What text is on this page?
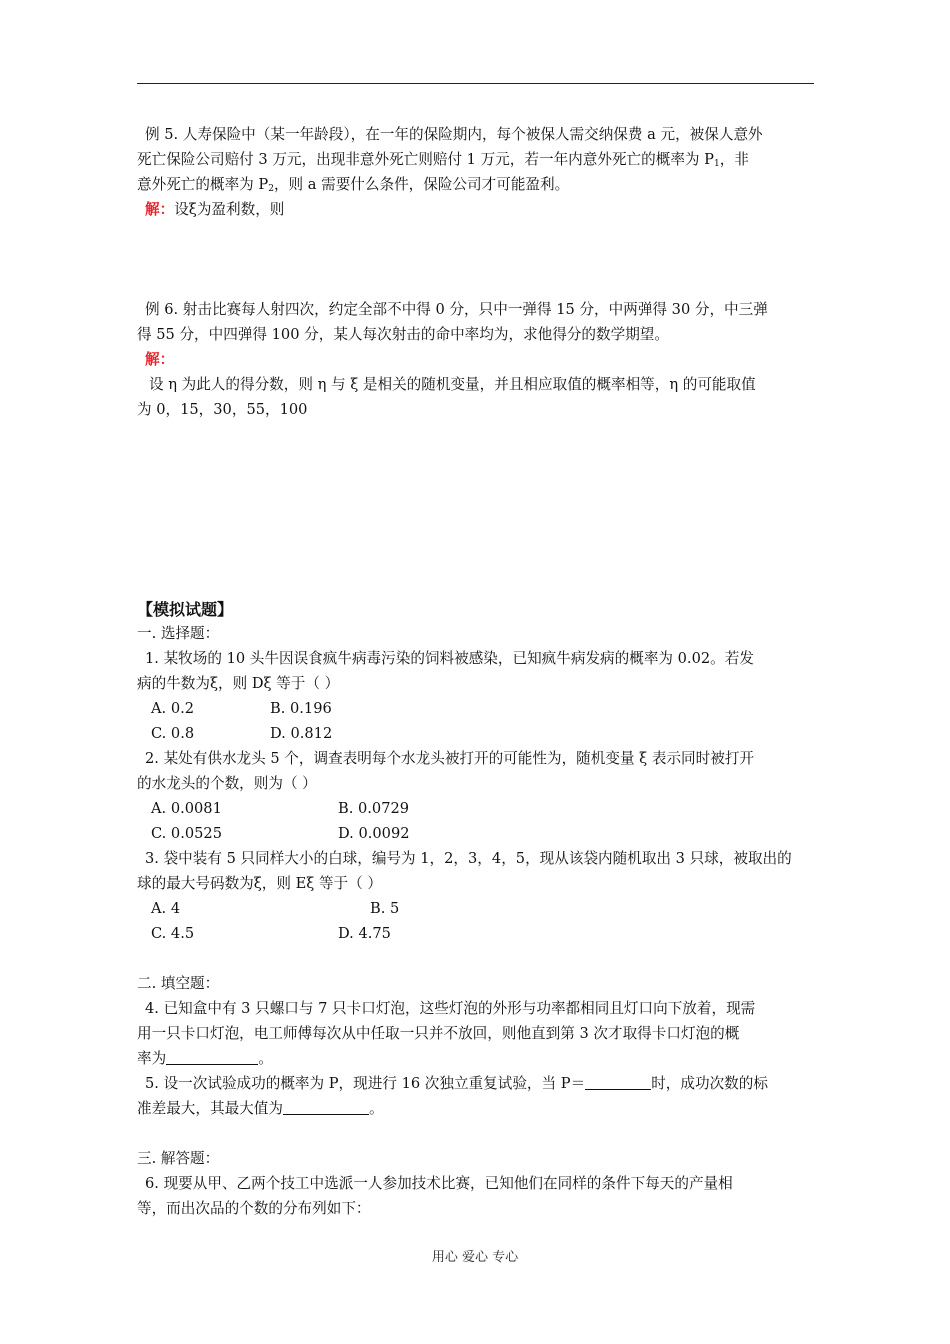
例 5. 人寿保险中（某一年龄段），在一年的保险期内，每个被保人需交纳保费 a 元，被保人意外
死亡保险公司赔付 3 万元，出现非意外死亡则赔付 1 万元，若一年内意外死亡的概率为 $P_1$，非
意外死亡的概率为 $P_2$，则 a 需要什么条件，保险公司才可能盈利。
解：设ξ为盈利数，则
例 6. 射击比赛每人射四次，约定全部不中得 0 分，只中一弹得 15 分，中两弹得 30 分，中三弹
得 55 分，中四弹得 100 分，某人每次射击的命中率均为，求他得分的数学期望。
解：
设 η 为此人的得分数，则 η 与 ξ 是相关的随机变量，并且相应取值的概率相等，η 的可能取值
为 0，15，30，55，100
【模拟试题】
一. 选择题：
1. 某牧场的 10 头牛因误食疯牛病毒污染的饲料被感染，已知疯牛病发病的概率为 0.02。若发
病的牛数为ξ，则 Dξ 等于（ ）
A. 0.2	B. 0.196
C. 0.8	D. 0.812
2. 某处有供水龙头 5 个，调查表明每个水龙头被打开的可能性为，随机变量 ξ 表示同时被打开
的水龙头的个数，则为（ ）
A. 0.0081	B. 0.0729
C. 0.0525	D. 0.0092
3. 袋中装有 5 只同样大小的白球，编号为 1，2，3，4，5，现从该袋内随机取出 3 只球，被取出的
球的最大号码数为ξ，则 Eξ 等于（ ）
A. 4	B. 5
C. 4.5	D. 4.75
二. 填空题：
4. 已知盒中有 3 只螺口与 7 只卡口灯泡，这些灯泡的外形与功率都相同且灯口向下放着，现需
用一只卡口灯泡，电工师傅每次从中任取一只并不放回，则他直到第 3 次才取得卡口灯泡的概
率为	。
5. 设一次试验成功的概率为 P，现进行 16 次独立重复试验，当 P＝	时，成功次数的标
准差最大，其最大值为	。
三. 解答题：
6. 现要从甲、乙两个技工中选派一人参加技术比赛，已知他们在同样的条件下每天的产量相
等，而出次品的个数的分布列如下：
用心 爱心 专心
